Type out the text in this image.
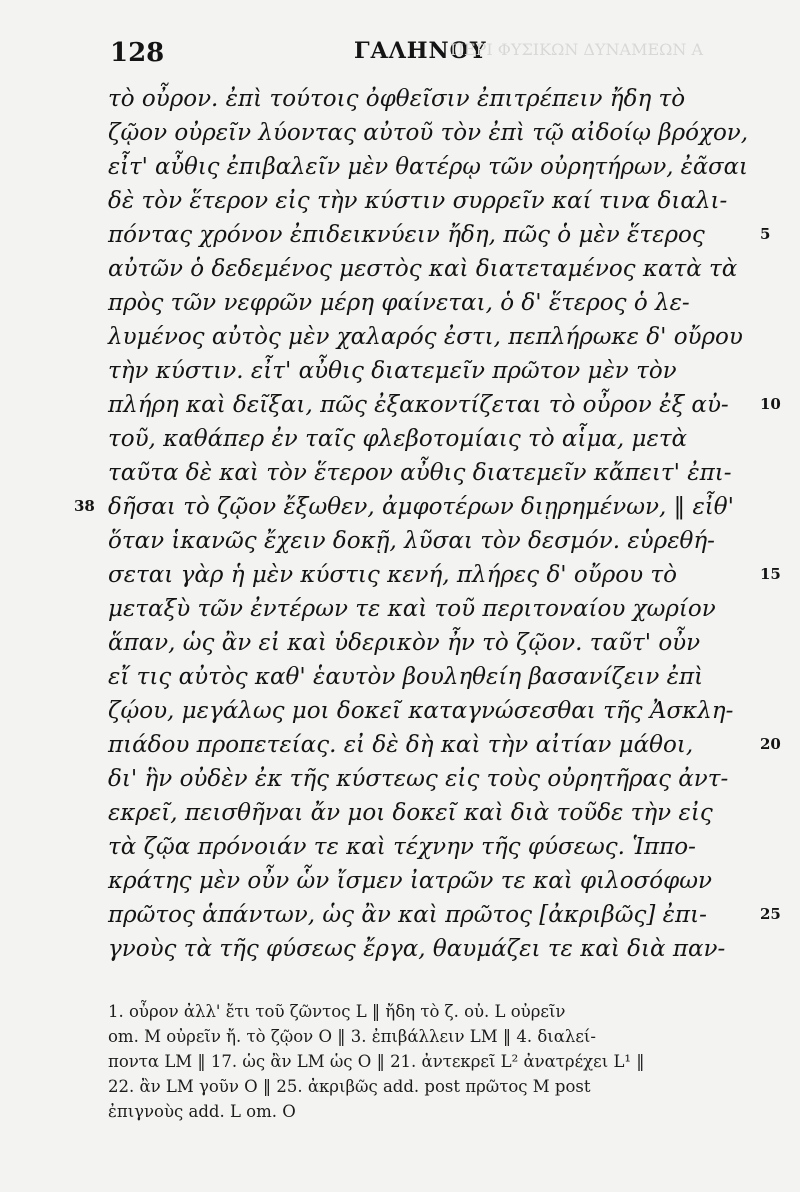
128	ΓΑΛΗΝΟΥ
ΠΕΡΙ ΦΥΣΙΚΩΝ ΔΥΝΑΜΕΩΝ Α
τὸ οὖρον. ἐπὶ τούτοις ὀφθεῖσιν ἐπιτρέπειν ἤδη τὸ
ζῷον οὐρεῖν λύοντας αὐτοῦ τὸν ἐπὶ τῷ αἰδοίῳ βρόχον,
εἶτ' αὖθις ἐπιβαλεῖν μὲν θατέρῳ τῶν οὐρητήρων, ἐᾶσαι
δὲ τὸν ἕτερον εἰς τὴν κύστιν συρρεῖν καί τινα διαλι-
πόντας χρόνον ἐπιδεικνύειν ἤδη, πῶς ὁ μὲν ἕτερος
αὐτῶν ὁ δεδεμένος μεστὸς καὶ διατεταμένος κατὰ τὰ
πρὸς τῶν νεφρῶν μέρη φαίνεται, ὁ δ' ἕτερος ὁ λε-
λυμένος αὐτὸς μὲν χαλαρός ἐστι, πεπλήρωκε δ' οὔρου
τὴν κύστιν. εἶτ' αὖθις διατεμεῖν πρῶτον μὲν τὸν
πλήρη καὶ δεῖξαι, πῶς ἐξακοντίζεται τὸ οὖρον ἐξ αὐ-
τοῦ, καθάπερ ἐν ταῖς φλεβοτομίαις τὸ αἷμα, μετὰ
ταῦτα δὲ καὶ τὸν ἕτερον αὖθις διατεμεῖν κἄπειτ' ἐπι-
δῆσαι τὸ ζῷον ἔξωθεν, ἀμφοτέρων διῃρημένων, ‖ εἶθ'
ὅταν ἱκανῶς ἔχειν δοκῇ, λῦσαι τὸν δεσμόν. εὑρεθή-
σεται γὰρ ἡ μὲν κύστις κενή, πλήρες δ' οὔρου τὸ
μεταξὺ τῶν ἐντέρων τε καὶ τοῦ περιτοναίου χωρίον
ἅπαν, ὡς ἂν εἰ καὶ ὑδερικὸν ἦν τὸ ζῷον. ταῦτ' οὖν
εἴ τις αὐτὸς καθ' ἑαυτὸν βουληθείη βασανίζειν ἐπὶ
ζῴου, μεγάλως μοι δοκεῖ καταγνώσεσθαι τῆς Ἀσκλη-
πιάδου προπετείας. εἰ δὲ δὴ καὶ τὴν αἰτίαν μάθοι,
δι' ἣν οὐδὲν ἐκ τῆς κύστεως εἰς τοὺς οὐρητῆρας ἀντ-
εκρεῖ, πεισθῆναι ἄν μοι δοκεῖ καὶ διὰ τοῦδε τὴν εἰς
τὰ ζῷα πρόνοιάν τε καὶ τέχνην τῆς φύσεως. Ἱππο-
κράτης μὲν οὖν ὧν ἴσμεν ἰατρῶν τε καὶ φιλοσόφων
πρῶτος ἁπάντων, ὡς ἂν καὶ πρῶτος [ἀκριβῶς] ἐπι-
γνοὺς τὰ τῆς φύσεως ἔργα, θαυμάζει τε καὶ διὰ παν-
5
10
15
20
25
38
1. οὖρον ἀλλ' ἔτι τοῦ ζῶντος L ‖ ἤδη τὸ ζ. οὐ. L οὐρεῖν
om. M οὐρεῖν ἤ. τὸ ζῷον O ‖ 3. ἐπιβάλλειν LM ‖ 4. διαλεί-
ποντα LM ‖ 17. ὡς ἂν LM ὡς O ‖ 21. ἀντεκρεῖ L² ἀνατρέχει L¹ ‖
22. ἂν LM γοῦν O ‖ 25. ἀκριβῶς add. post πρῶτος M post
ἐπιγνοὺς add. L om. O
